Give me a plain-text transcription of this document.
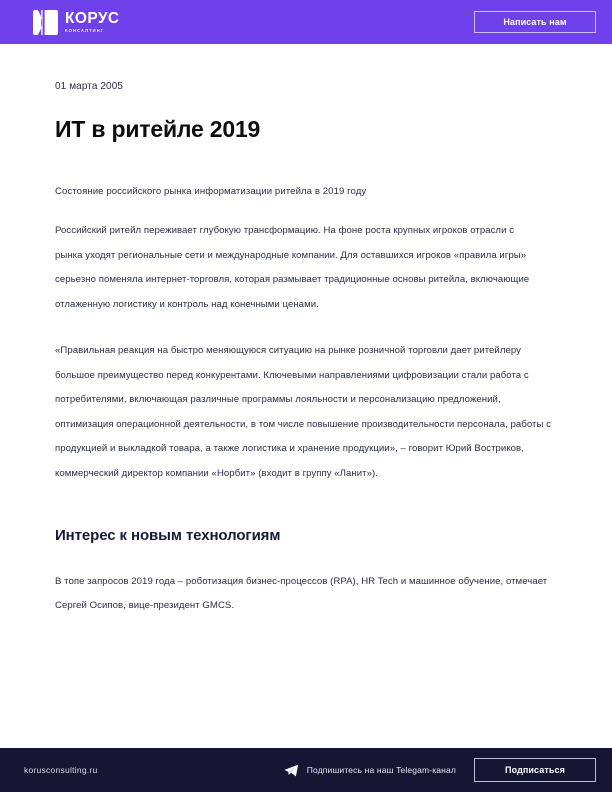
КОРУС
КОНСАЛТИНГ
Написать нам
01 марта 2005
ИТ в ритейле 2019
Состояние российского рынка информатизации ритейла в 2019 году

Российский ритейл переживает глубокую трансформацию. На фоне роста крупных игроков отрасли с рынка уходят региональные сети и международные компании. Для оставшихся игроков «правила игры» серьезно поменяла интернет-торговля, которая размывает традиционные основы ритейла, включающие отлаженную логистику и контроль над конечными ценами.

«Правильная реакция на быстро меняющуюся ситуацию на рынке розничной торговли дает ритейлеру большое преимущество перед конкурентами. Ключевыми направлениями цифровизации стали работа с потребителями, включающая различные программы лояльности и персонализацию предложений, оптимизация операционной деятельности, в том числе повышение производительности персонала, работы с продукцией и выкладкой товара, а также логистика и хранение продукции», – говорит Юрий Востриков, коммерческий директор компании «Норбит» (входит в группу «Ланит»).

Интерес к новым технологиям

В топе запросов 2019 года – роботизация бизнес-процессов (RPA), HR Tech и машинное обучение, отмечает Сергей Осипов, вице-президент GMCS.

korusconsulting.ru	Подпишитесь на наш Telegam-канал	Подписаться
